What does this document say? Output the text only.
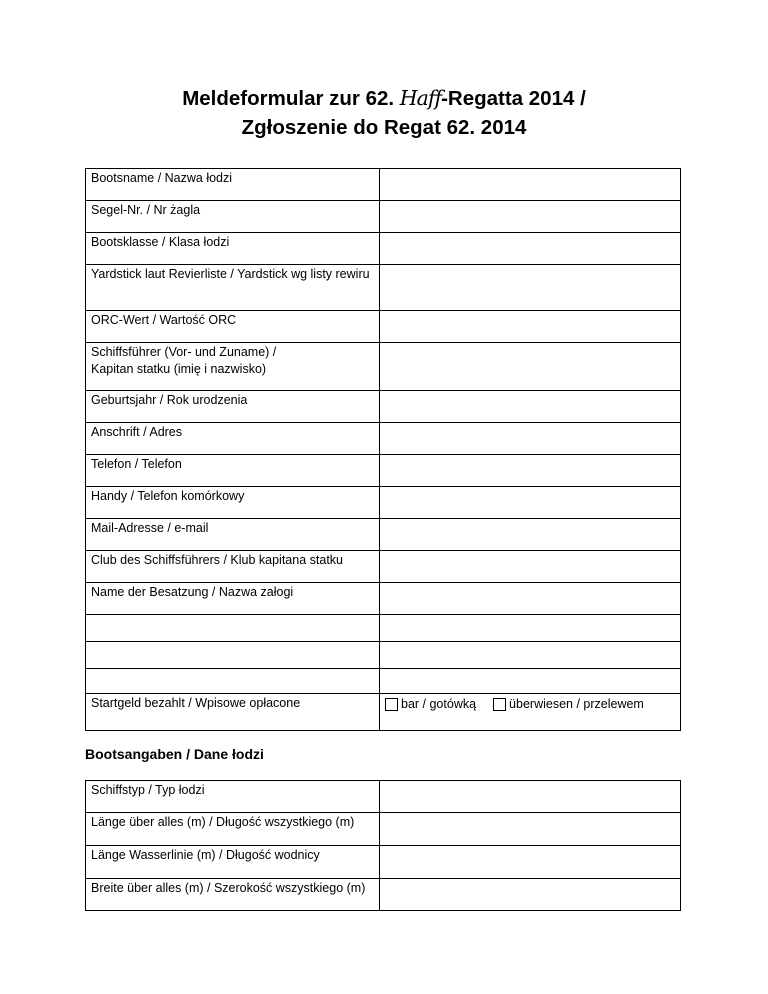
Meldeformular zur 62. Haff-Regatta 2014 /
Zgłoszenie do Regat 62. 2014
Bootsname / Nazwa łodzi	
Segel-Nr. / Nr żagla	
Bootsklasse / Klasa łodzi	
Yardstick laut Revierliste / Yardstick wg listy rewiru	
ORC-Wert / Wartość ORC	

Schiffsführer (Vor- und Zuname) /
Kapitan statku (imię i nazwisko)	

Geburtsjahr / Rok urodzenia	
Anschrift / Adres	
Telefon / Telefon	
Handy / Telefon komórkowy	
Mail-Adresse / e-mail	
Club des Schiffsführers / Klub kapitana statku	
Name der Besatzung / Nazwa załogi	

Startgeld bezahlt / Wpisowe opłacone	bar / gotówką überwiesen / przelewem
Bootsangaben / Dane łodzi
Schiffstyp / Typ łodzi	
Länge über alles (m) / Długość wszystkiego (m)	
Länge Wasserlinie (m) / Długość wodnicy	
Breite über alles (m) / Szerokość wszystkiego (m)	
